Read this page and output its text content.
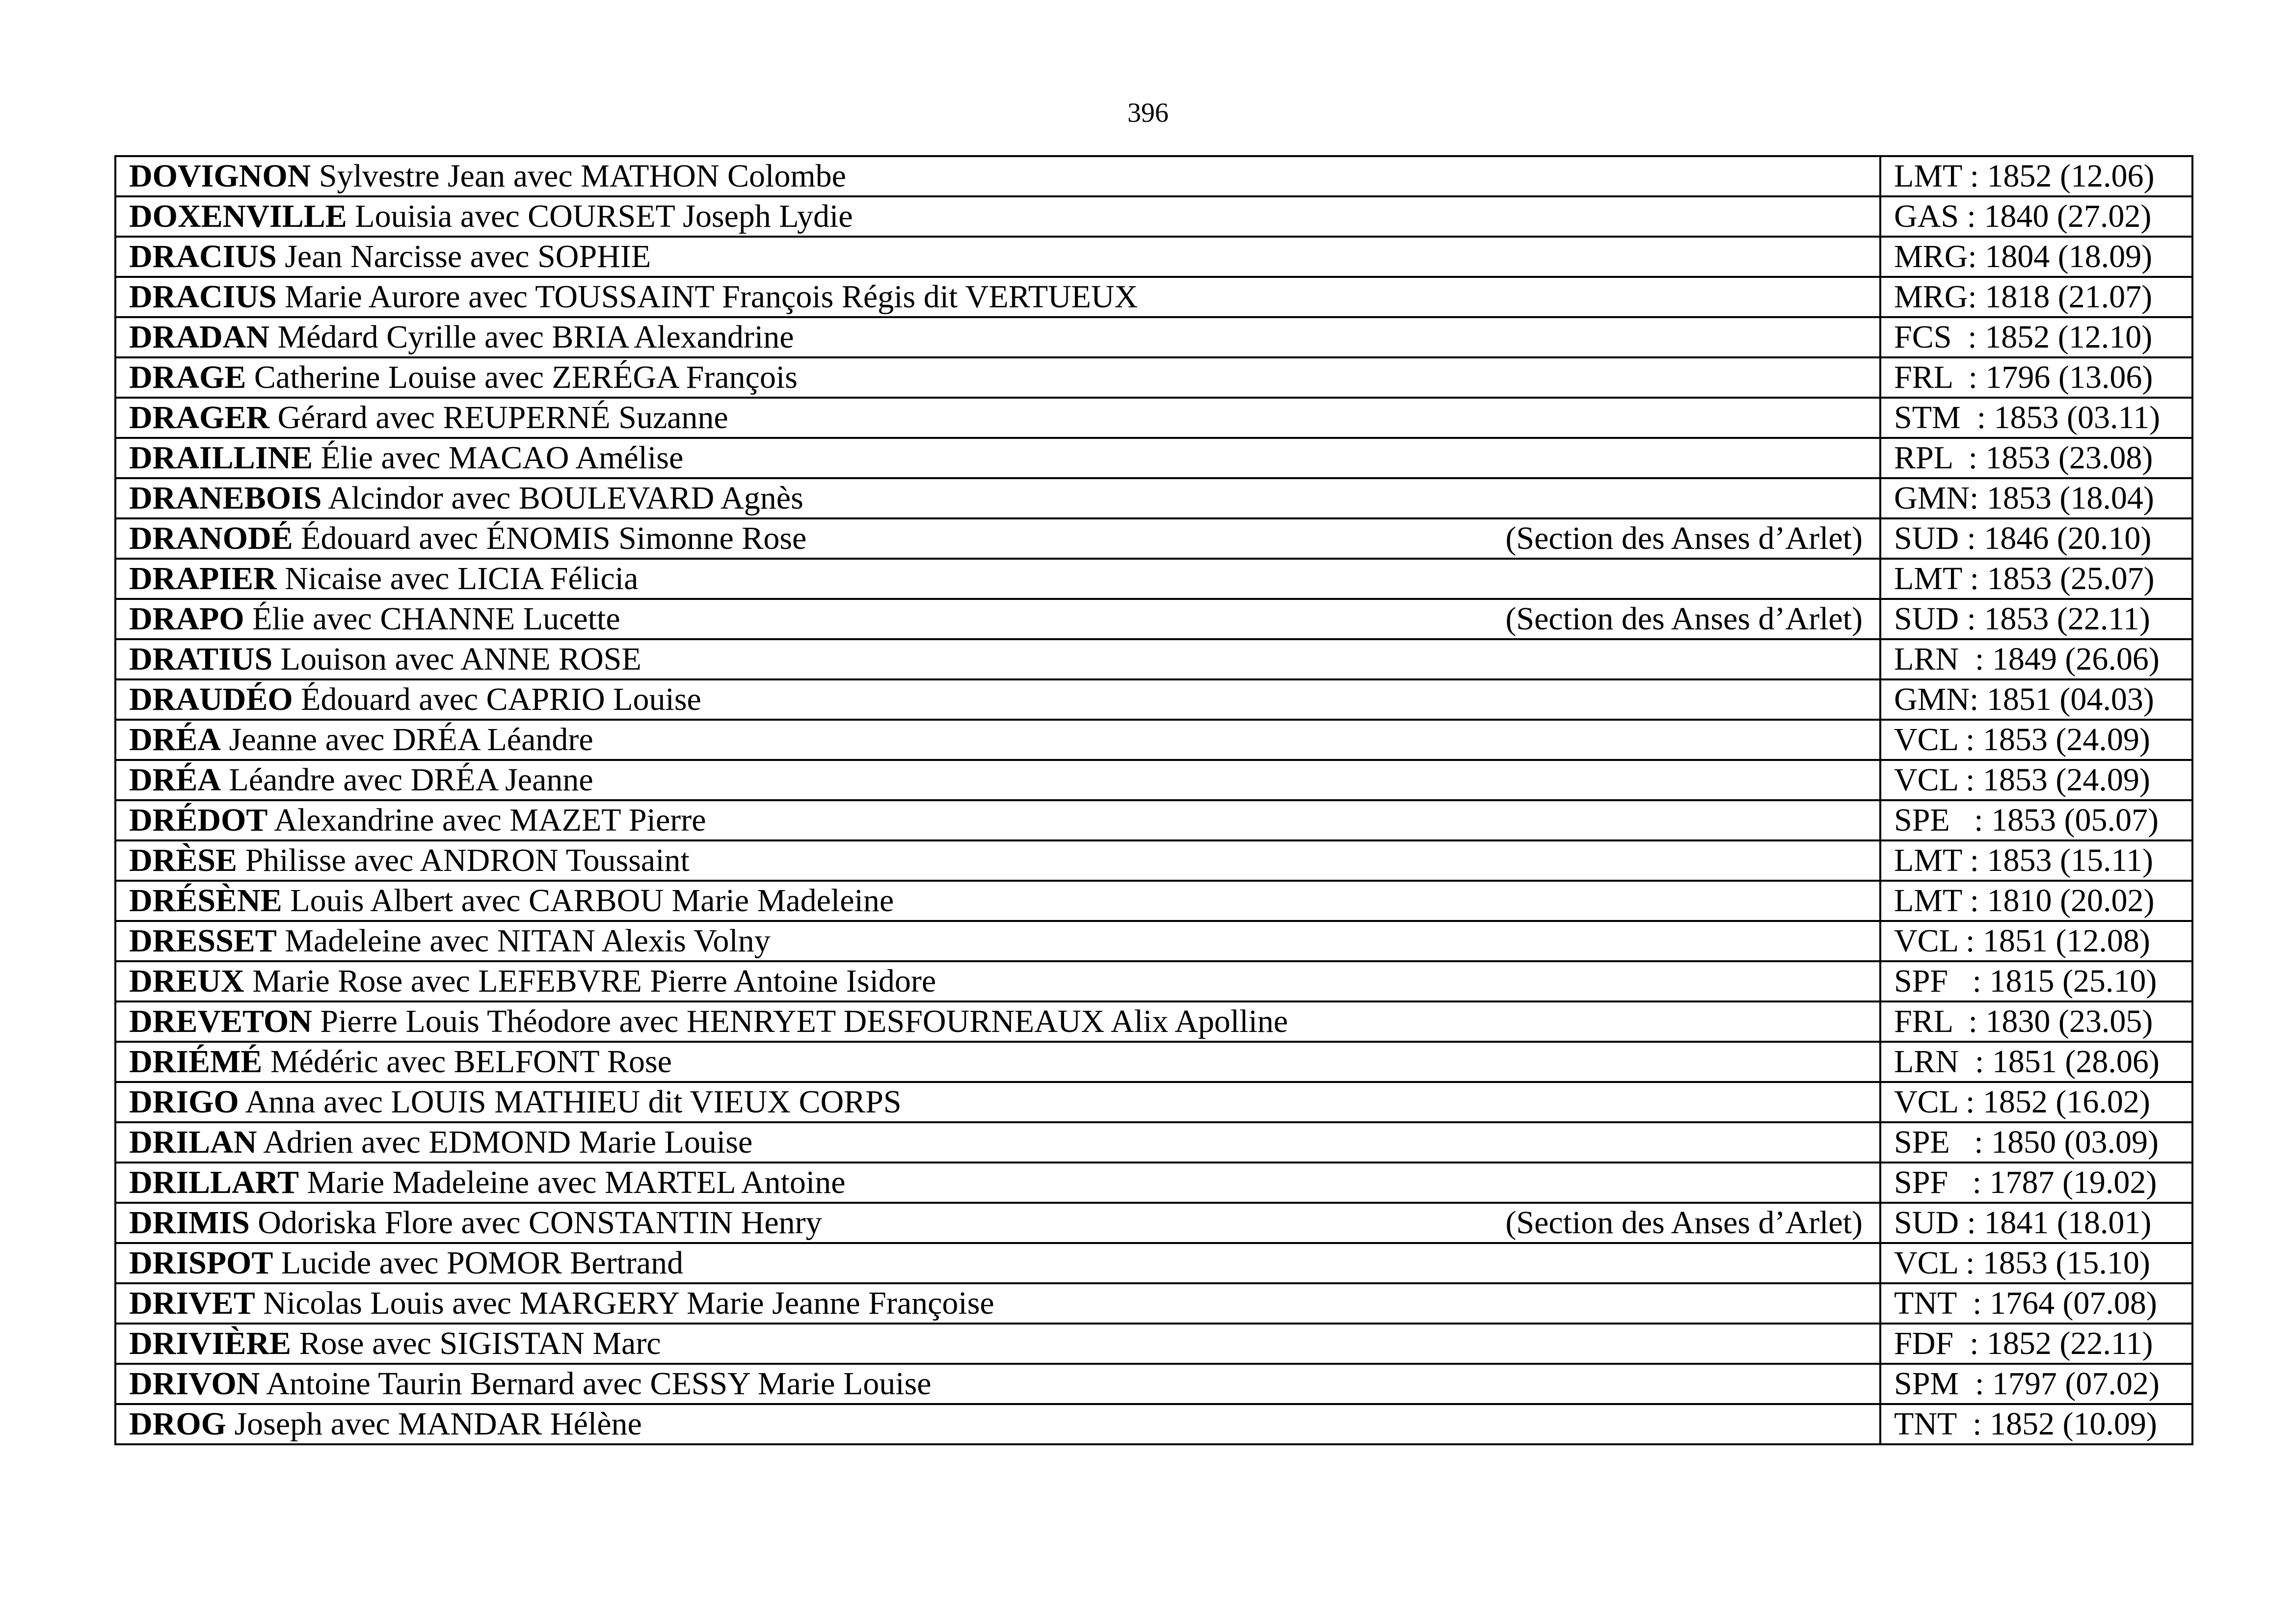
396
DOVIGNON Sylvestre Jean avec MATHON Colombe	LMT : 1852 (12.06)

DOXENVILLE Louisia avec COURSET Joseph Lydie	GAS : 1840 (27.02)

DRACIUS Jean Narcisse avec SOPHIE	MRG: 1804 (18.09)

DRACIUS Marie Aurore avec TOUSSAINT François Régis dit VERTUEUX	MRG: 1818 (21.07)

DRADAN Médard Cyrille avec BRIA Alexandrine	FCS  : 1852 (12.10)

DRAGE Catherine Louise avec ZERÉGA François	FRL  : 1796 (13.06)

DRAGER Gérard avec REUPERNÉ Suzanne	STM  : 1853 (03.11)

DRAILLINE Élie avec MACAO Amélise	RPL  : 1853 (23.08)

DRANEBOIS Alcindor avec BOULEVARD Agnès	GMN: 1853 (18.04)

DRANODÉ Édouard avec ÉNOMIS Simonne Rose (Section des Anses d’Arlet)	SUD : 1846 (20.10)

DRAPIER Nicaise avec LICIA Félicia	LMT : 1853 (25.07)

DRAPO Élie avec CHANNE Lucette (Section des Anses d’Arlet)	SUD : 1853 (22.11)

DRATIUS Louison avec ANNE ROSE	LRN  : 1849 (26.06)

DRAUDÉO Édouard avec CAPRIO Louise	GMN: 1851 (04.03)

DRÉA Jeanne avec DRÉA Léandre	VCL : 1853 (24.09)

DRÉA Léandre avec DRÉA Jeanne	VCL : 1853 (24.09)

DRÉDOT Alexandrine avec MAZET Pierre	SPE   : 1853 (05.07)

DRÈSE Philisse avec ANDRON Toussaint	LMT : 1853 (15.11)

DRÉSÈNE Louis Albert avec CARBOU Marie Madeleine	LMT : 1810 (20.02)

DRESSET Madeleine avec NITAN Alexis Volny	VCL : 1851 (12.08)

DREUX Marie Rose avec LEFEBVRE Pierre Antoine Isidore	SPF   : 1815 (25.10)

DREVETON Pierre Louis Théodore avec HENRYET DESFOURNEAUX Alix Apolline	FRL  : 1830 (23.05)

DRIÉMÉ Médéric avec BELFONT Rose	LRN  : 1851 (28.06)

DRIGO Anna avec LOUIS MATHIEU dit VIEUX CORPS	VCL : 1852 (16.02)

DRILAN Adrien avec EDMOND Marie Louise	SPE   : 1850 (03.09)

DRILLART Marie Madeleine avec MARTEL Antoine	SPF   : 1787 (19.02)

DRIMIS Odoriska Flore avec CONSTANTIN Henry (Section des Anses d’Arlet)	SUD : 1841 (18.01)

DRISPOT Lucide avec POMOR Bertrand	VCL : 1853 (15.10)

DRIVET Nicolas Louis avec MARGERY Marie Jeanne Françoise	TNT  : 1764 (07.08)

DRIVIÈRE Rose avec SIGISTAN Marc	FDF  : 1852 (22.11)

DRIVON Antoine Taurin Bernard avec CESSY Marie Louise	SPM  : 1797 (07.02)

DROG Joseph avec MANDAR Hélène	TNT  : 1852 (10.09)
